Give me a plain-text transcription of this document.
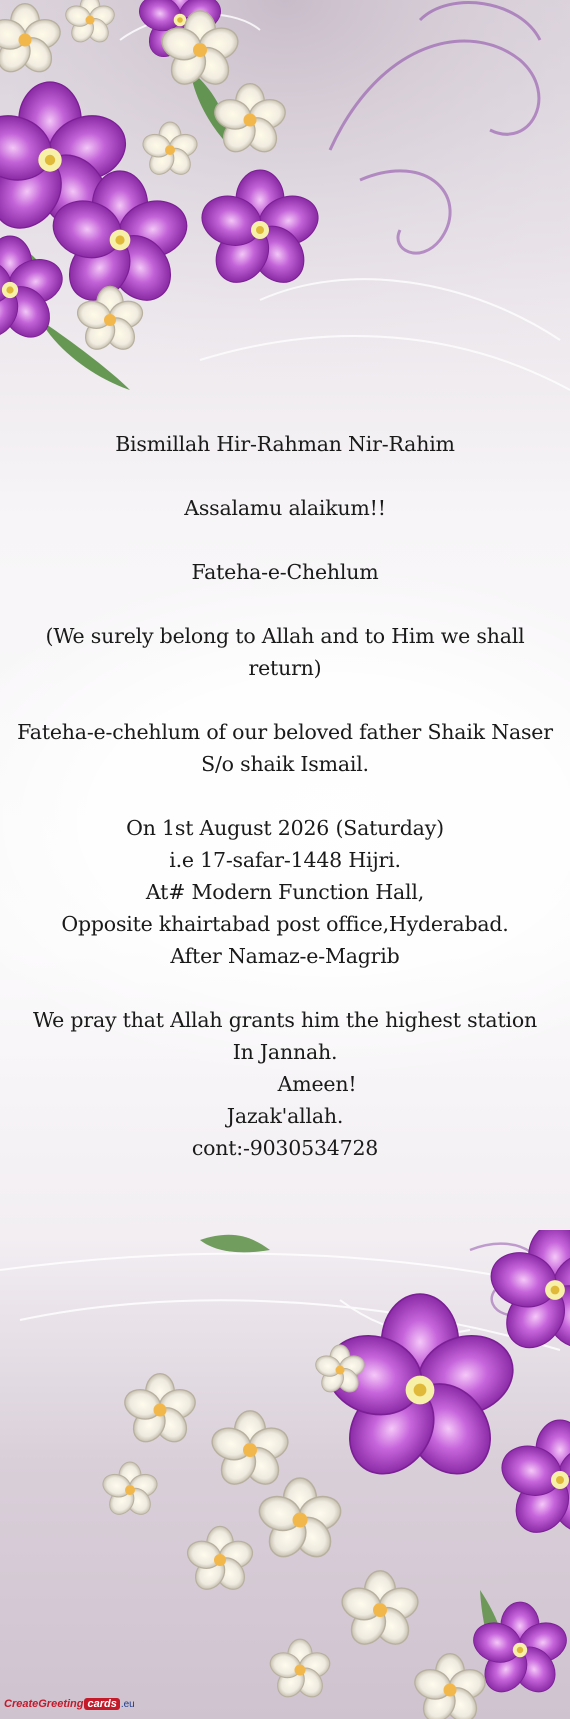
Bismillah Hir-Rahman Nir-Rahim
Assalamu alaikum!!
Fateha-e-Chehlum
(We surely belong to Allah and to Him we shall
return)
Fateha-e-chehlum of our beloved father Shaik Naser
S/o shaik Ismail.
On 1st August 2026 (Saturday)
i.e 17-safar-1448 Hijri.
At# Modern Function Hall,
Opposite khairtabad post office,Hyderabad.
After Namaz-e-Magrib
We pray that Allah grants him the highest station
In Jannah.
Ameen!
Jazak'allah.
cont:-9030534728
CreateGreeting cards .eu
